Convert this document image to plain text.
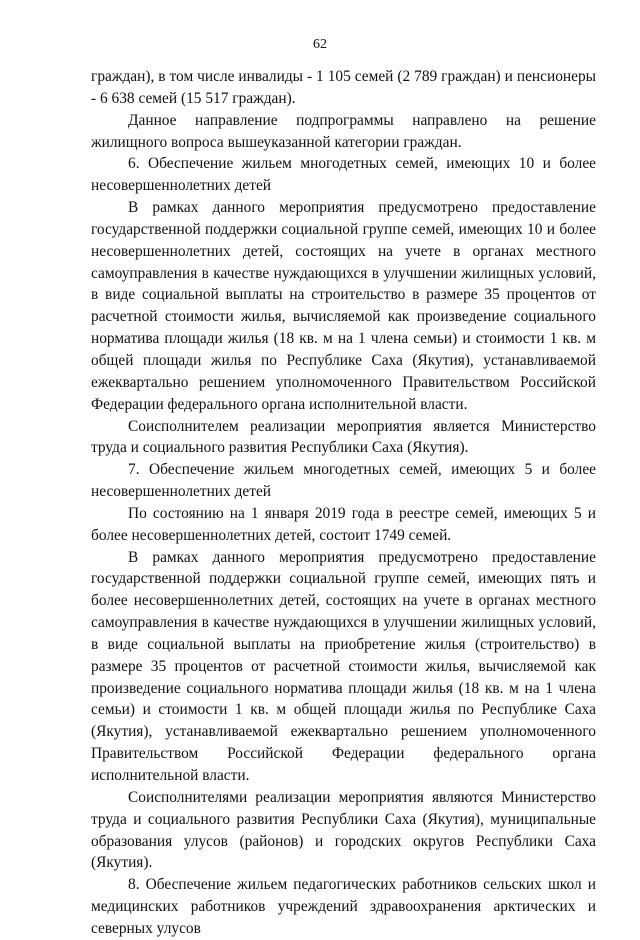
62

граждан), в том числе инвалиды - 1 105 семей (2 789 граждан) и пенсионеры - 6 638 семей (15 517 граждан).

Данное направление подпрограммы направлено на решение жилищного вопроса вышеуказанной категории граждан.

6. Обеспечение жильем многодетных семей, имеющих 10 и более несовершеннолетних детей

В рамках данного мероприятия предусмотрено предоставление государственной поддержки социальной группе семей, имеющих 10 и более несовершеннолетних детей, состоящих на учете в органах местного самоуправления в качестве нуждающихся в улучшении жилищных условий, в виде социальной выплаты на строительство в размере 35 процентов от расчетной стоимости жилья, вычисляемой как произведение социального норматива площади жилья (18 кв. м на 1 члена семьи) и стоимости 1 кв. м общей площади жилья по Республике Саха (Якутия), устанавливаемой ежеквартально решением уполномоченного Правительством Российской Федерации федерального органа исполнительной власти.

Соисполнителем реализации мероприятия является Министерство труда и социального развития Республики Саха (Якутия).

7. Обеспечение жильем многодетных семей, имеющих 5 и более несовершеннолетних детей

По состоянию на 1 января 2019 года в реестре семей, имеющих 5 и более несовершеннолетних детей, состоит 1749 семей.

В рамках данного мероприятия предусмотрено предоставление государственной поддержки социальной группе семей, имеющих пять и более несовершеннолетних детей, состоящих на учете в органах местного самоуправления в качестве нуждающихся в улучшении жилищных условий, в виде социальной выплаты на приобретение жилья (строительство) в размере 35 процентов от расчетной стоимости жилья, вычисляемой как произведение социального норматива площади жилья (18 кв. м на 1 члена семьи) и стоимости 1 кв. м общей площади жилья по Республике Саха (Якутия), устанавливаемой ежеквартально решением уполномоченного Правительством Российской Федерации федерального органа исполнительной власти.

Соисполнителями реализации мероприятия являются Министерство труда и социального развития Республики Саха (Якутия), муниципальные образования улусов (районов) и городских округов Республики Саха (Якутия).

8. Обеспечение жильем педагогических работников сельских школ и медицинских работников учреждений здравоохранения арктических и северных улусов
